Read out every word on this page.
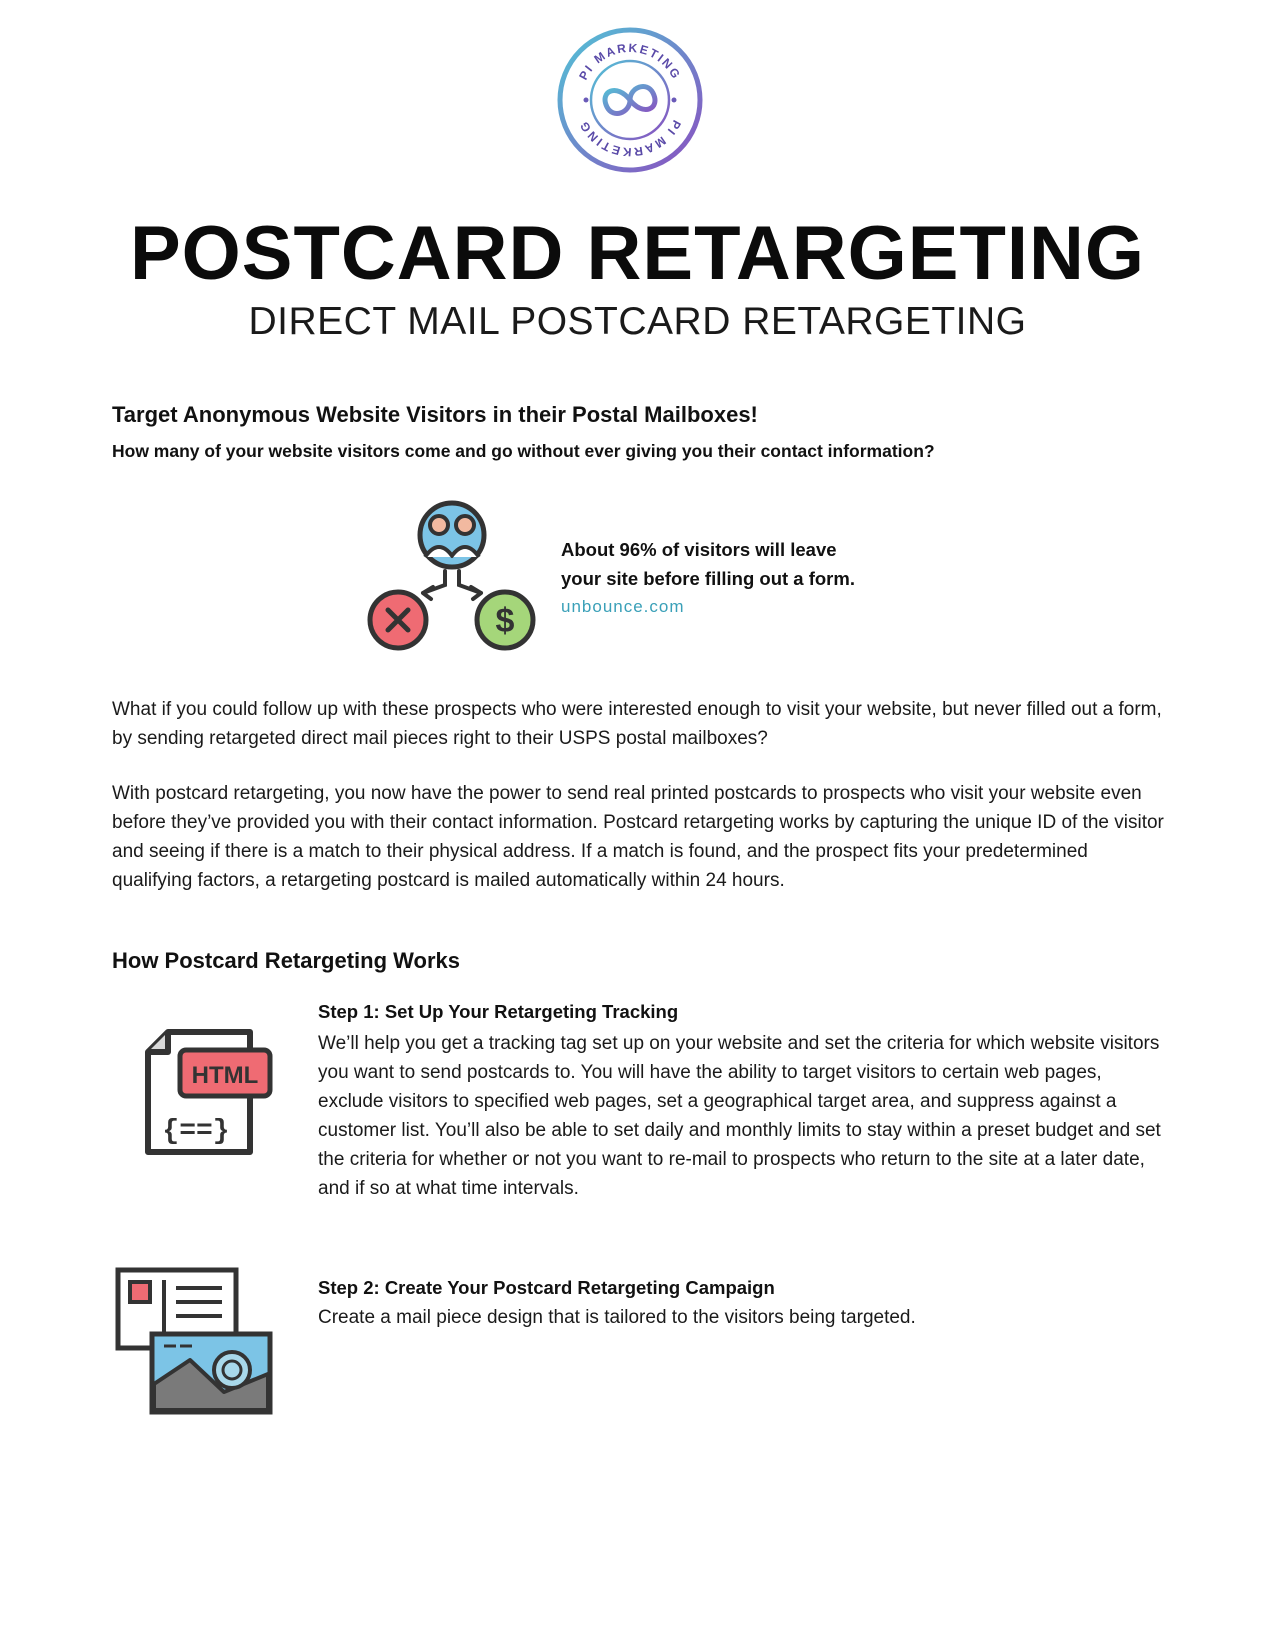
PI MARKETING
PI MARKETING
POSTCARD RETARGETING
DIRECT MAIL POSTCARD RETARGETING
Target Anonymous Website Visitors in their Postal Mailboxes!
How many of your website visitors come and go without ever giving you their contact information?
$
About 96% of visitors will leave
your site before filling out a form.
unbounce.com
What if you could follow up with these prospects who were interested enough to visit your website, but never filled out a form, by sending retargeted direct mail pieces right to their USPS postal mailboxes?
With postcard retargeting, you now have the power to send real printed postcards to prospects who visit your website even before they’ve provided you with their contact information. Postcard retargeting works by capturing the unique ID of the visitor and seeing if there is a match to their physical address. If a match is found, and the prospect fits your predetermined qualifying factors, a retargeting postcard is mailed automatically within 24 hours.
How Postcard Retargeting Works
HTML
{==}
Step 1: Set Up Your Retargeting Tracking
We’ll help you get a tracking tag set up on your website and set the criteria for which website visitors you want to send postcards to. You will have the ability to target visitors to certain web pages, exclude visitors to specified web pages, set a geographical target area, and suppress against a customer list. You’ll also be able to set daily and monthly limits to stay within a preset budget and set the criteria for whether or not you want to re-mail to prospects who return to the site at a later date, and if so at what time intervals.
Step 2: Create Your Postcard Retargeting Campaign
Create a mail piece design that is tailored to the visitors being targeted.
